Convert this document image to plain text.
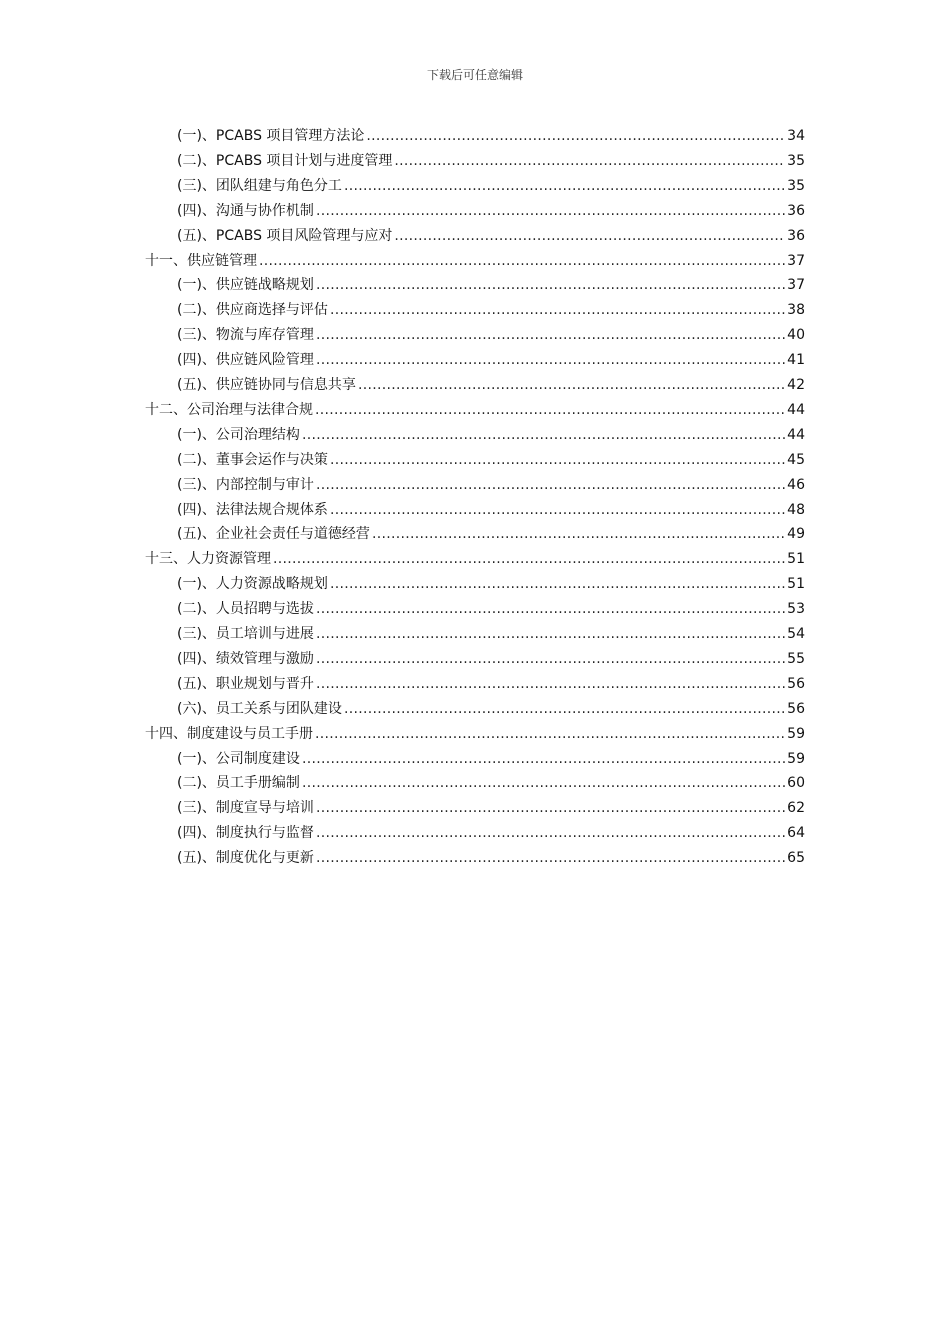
下载后可任意编辑
(一)、PCABS 项目管理方法论 .....	34
(二)、PCABS 项目计划与进度管理 .....	35
(三)、团队组建与角色分工 .....	35
(四)、沟通与协作机制 .....	36
(五)、PCABS 项目风险管理与应对 .....	36
十一、供应链管理 .....	37
(一)、供应链战略规划 .....	37
(二)、供应商选择与评估 .....	38
(三)、物流与库存管理 .....	40
(四)、供应链风险管理 .....	41
(五)、供应链协同与信息共享 .....	42
十二、公司治理与法律合规 .....	44
(一)、公司治理结构 .....	44
(二)、董事会运作与决策 .....	45
(三)、内部控制与审计 .....	46
(四)、法律法规合规体系 .....	48
(五)、企业社会责任与道德经营 .....	49
十三、人力资源管理 .....	51
(一)、人力资源战略规划 .....	51
(二)、人员招聘与选拔 .....	53
(三)、员工培训与进展 .....	54
(四)、绩效管理与激励 .....	55
(五)、职业规划与晋升 .....	56
(六)、员工关系与团队建设 .....	56
十四、制度建设与员工手册 .....	59
(一)、公司制度建设 .....	59
(二)、员工手册编制 .....	60
(三)、制度宣导与培训 .....	62
(四)、制度执行与监督 .....	64
(五)、制度优化与更新 .....	65
